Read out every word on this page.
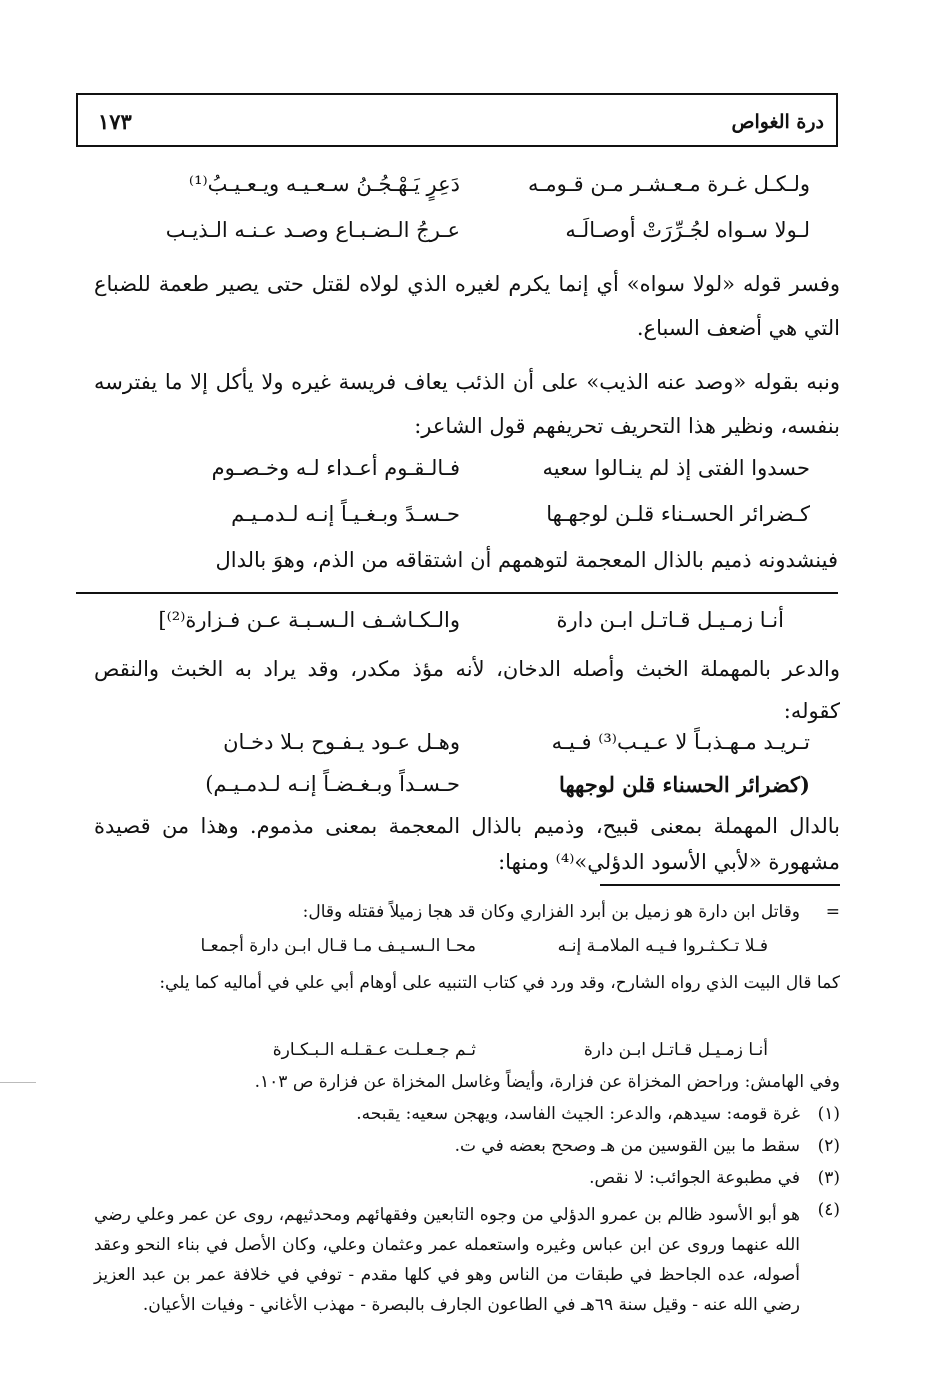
درة الغواص
١٧٣
ولـكـل غـرة مـعـشـر مـن قـومـه
دَعِرٍ يَـهْـجُـنُ سـعـيـه ويـعـيـبُ⁽¹⁾
لـولا سـواه لجُـرِّرَتْ أوصـالَـه
عـرجُ الـضـبـاع وصـد عـنـه الـذيـب
وفسر قوله «لولا سواه» أي إنما يكرم لغيره الذي لولاه لقتل حتى يصير طعمة للضباع التي هي أضعف السباع.
ونبه بقوله «وصد عنه الذيب» على أن الذئب يعاف فريسة غيره ولا يأكل إلا ما يفترسه بنفسه، ونظير هذا التحريف تحريفهم قول الشاعر:
حسدوا الفتى إذ لم ينـالوا سعيه
فـالـقـوم أعـداء لـه وخـصـوم
كـضرائر الحسـناء قلـن لوجهـها
حـسـدً وبـغـيـاً إنـه لـدمـيـم
فينشدونه ذميم بالذال المعجمة لتوهمهم أن اشتقاقه من الذم، وهوَ بالدال
أنـا زمـيـل قـاتـل ابـن دارة
والـكـاشـف الـسـبـة عـن فـزارة⁽²⁾]
والدعر بالمهملة الخبث وأصله الدخان، لأنه مؤذ مكدر، وقد يراد به الخبث والنقص كقوله:
تـريـد مـهـذبـاً لا عـيـب⁽³⁾ فـيـه
وهـل عـود يـفـوح بـلا دخـان
(كضرائر الحسناء قلن لوجهها
حـسـداً وبـغـضـاً إنـه لـدمـيـم)
بالدال المهملة بمعنى قبيح، وذميم بالذال المعجمة بمعنى مذموم. وهذا من قصيدة مشهورة «لأبي الأسود الدؤلي»⁽⁴⁾ ومنها:
=
وقاتل ابن دارة هو زميل بن أبرد الفزاري وكان قد هجا زميلاً فقتله وقال:
فـلا تـكـثـروا فـيـه الملامـة إنـه
محـا الـسـيـف مـا قـال ابـن دارة أجمعـا
كما قال البيت الذي رواه الشارح، وقد ورد في كتاب التنبيه على أوهام أبي علي في أماليه كما يلي:
أنـا زمـيـل قـاتـل ابـن دارة
ثـم جـعـلـت عـقـلـه الـبـكـارة
وفي الهامش: وراحض المخزاة عن فزارة، وأيضاً وغاسل المخزاة عن فزارة ص ١٠٣.
(١)
غرة قومه: سيدهم، والدعر: الجيث الفاسد، ويهجن سعيه: يقبحه.
(٢)
سقط ما بين القوسين من هـ وصحح بعضه في ت.
(٣)
في مطبوعة الجوائب: لا نقص.
(٤)
هو أبو الأسود ظالم بن عمرو الدؤلي من وجوه التابعين وفقهائهم ومحدثيهم، روى عن عمر وعلي رضي الله عنهما وروى عن ابن عباس وغيره واستعمله عمر وعثمان وعلي، وكان الأصل في بناء النحو وعقد أصوله، عده الجاحظ في طبقات من الناس وهو في كلها مقدم - توفي في خلافة عمر بن عبد العزيز رضي الله عنه - وقيل سنة ٦٩هـ في الطاعون الجارف بالبصرة - مهذب الأغاني - وفيات الأعيان.
